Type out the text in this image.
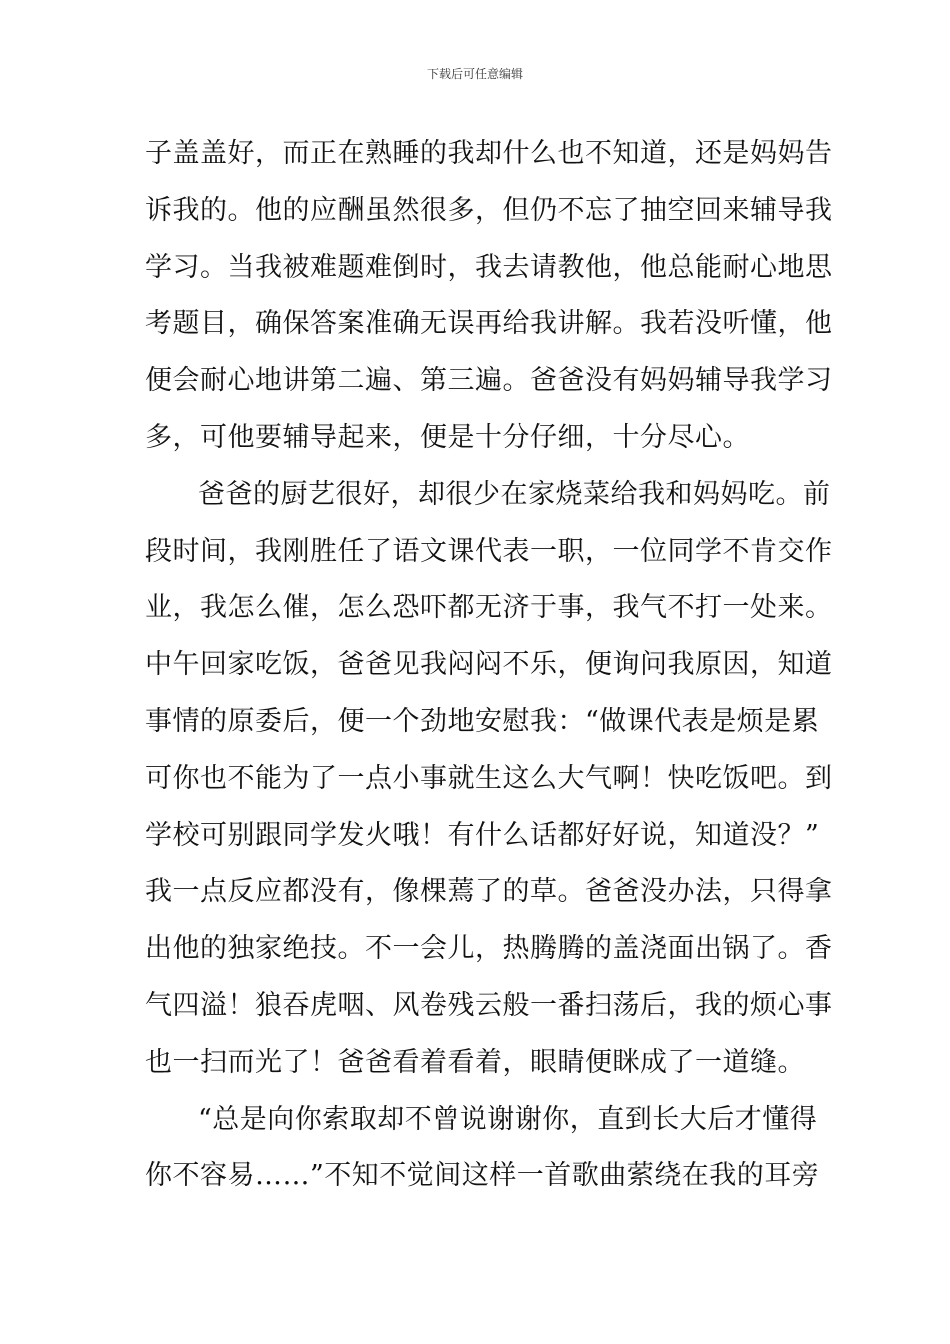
下载后可任意编辑
子盖盖好，而正在熟睡的我却什么也不知道，还是妈妈告
诉我的。他的应酬虽然很多，但仍不忘了抽空回来辅导我
学习。当我被难题难倒时，我去请教他，他总能耐心地思
考题目，确保答案准确无误再给我讲解。我若没听懂，他
便会耐心地讲第二遍、第三遍。爸爸没有妈妈辅导我学习
多，可他要辅导起来，便是十分仔细，十分尽心。
爸爸的厨艺很好，却很少在家烧菜给我和妈妈吃。前
段时间，我刚胜任了语文课代表一职，一位同学不肯交作
业，我怎么催，怎么恐吓都无济于事，我气不打一处来。
中午回家吃饭，爸爸见我闷闷不乐，便询问我原因，知道
事情的原委后，便一个劲地安慰我：“做课代表是烦是累
可你也不能为了一点小事就生这么大气啊！快吃饭吧。到
学校可别跟同学发火哦！有什么话都好好说，知道没？”
我一点反应都没有，像棵蔫了的草。爸爸没办法，只得拿
出他的独家绝技。不一会儿，热腾腾的盖浇面出锅了。香
气四溢！狼吞虎咽、风卷残云般一番扫荡后，我的烦心事
也一扫而光了！爸爸看着看着，眼睛便眯成了一道缝。
“总是向你索取却不曾说谢谢你，直到长大后才懂得
你不容易……”不知不觉间这样一首歌曲萦绕在我的耳旁
